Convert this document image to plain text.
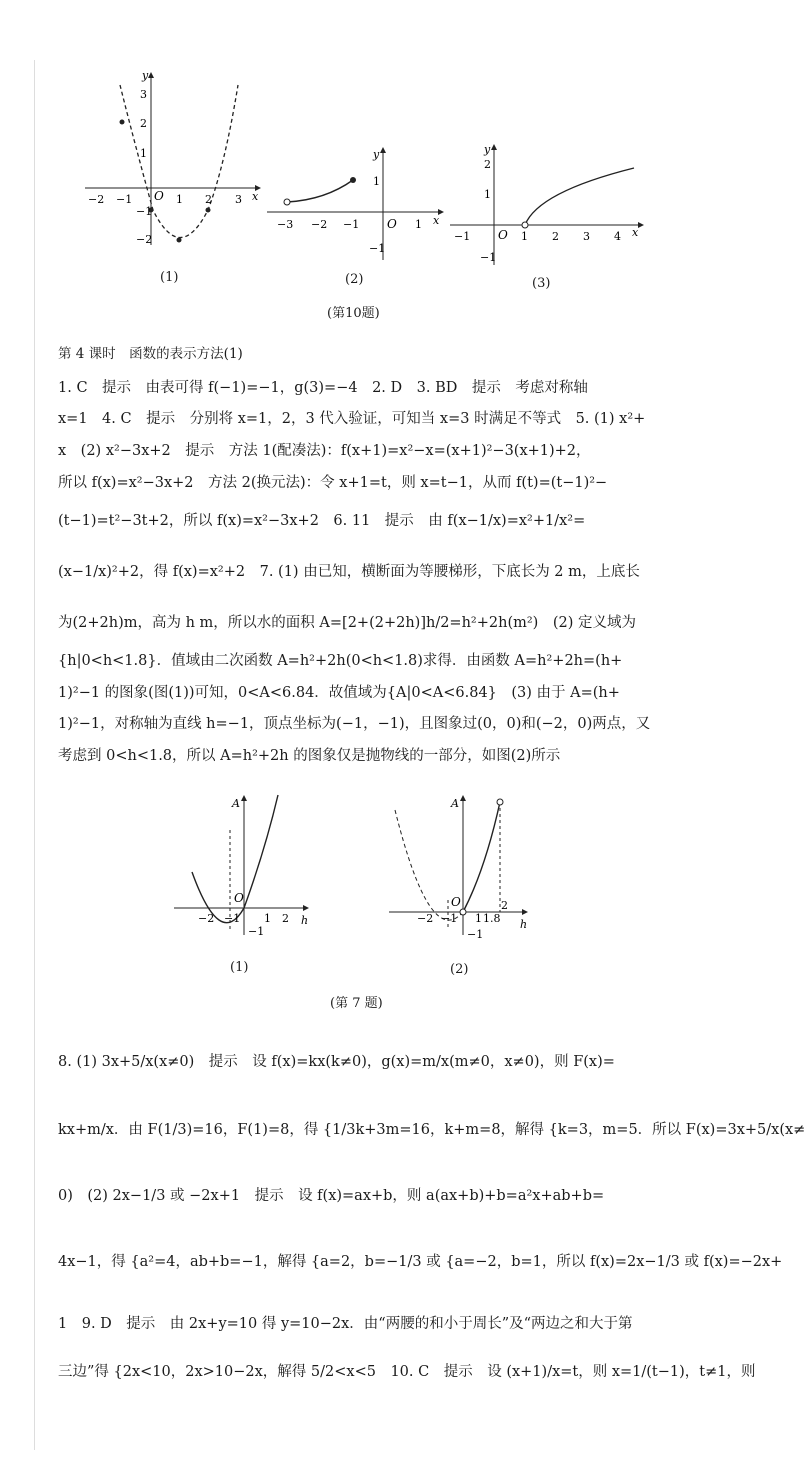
−2 −1	1 2 3 x
3
2
1
−1
−2
y
O
−3 −2 −1	1 x
1
−1
y
O
−1	1 2 3 4 x
2
1
−1
y
O
(1)	(2)	(3)
(第10题)
第 4 课时　函数的表示方法(1)
1. C　提示　由表可得 f(−1)=−1，g(3)=−4　2. D　3. BD　提示　考虑对称轴
x=1　4. C　提示　分别将 x=1，2，3 代入验证，可知当 x=3 时满足不等式　5. (1) x²+
x　(2) x²−3x+2　提示　方法 1(配凑法)：f(x+1)=x²−x=(x+1)²−3(x+1)+2，
所以 f(x)=x²−3x+2　方法 2(换元法)：令 x+1=t，则 x=t−1，从而 f(t)=(t−1)²−
(t−1)=t²−3t+2，所以 f(x)=x²−3x+2　6. 11　提示　由 f(x−1/x)=x²+1/x²=
(x−1/x)²+2，得 f(x)=x²+2　7. (1) 由已知，横断面为等腰梯形，下底长为 2 m，上底长
为(2+2h)m，高为 h m，所以水的面积 A=[2+(2+2h)]h/2=h²+2h(m²)　(2) 定义域为
{h|0<h<1.8}．值域由二次函数 A=h²+2h(0<h<1.8)求得．由函数 A=h²+2h=(h+
1)²−1 的图象(图(1))可知，0<A<6.84．故值域为{A|0<A<6.84}　(3) 由于 A=(h+
1)²−1，对称轴为直线 h=−1，顶点坐标为(−1，−1)，且图象过(0，0)和(−2，0)两点，又
考虑到 0<h<1.8，所以 A=h²+2h 的图象仅是抛物线的一部分，如图(2)所示
−2 −1 1 2 h
−1
A
O
−2 −1 1 1.8
2
h
−1
A
O
(1)	(2)
(第 7 题)
8. (1) 3x+5/x(x≠0)　提示　设 f(x)=kx(k≠0)，g(x)=m/x(m≠0，x≠0)，则 F(x)=
kx+m/x．由 F(1/3)=16，F(1)=8，得 {1/3k+3m=16，k+m=8，解得 {k=3，m=5．所以 F(x)=3x+5/x(x≠
0)　(2) 2x−1/3 或 −2x+1　提示　设 f(x)=ax+b，则 a(ax+b)+b=a²x+ab+b=
4x−1，得 {a²=4，ab+b=−1，解得 {a=2，b=−1/3 或 {a=−2，b=1，所以 f(x)=2x−1/3 或 f(x)=−2x+
1　9. D　提示　由 2x+y=10 得 y=10−2x．由“两腰的和小于周长”及“两边之和大于第
三边”得 {2x<10，2x>10−2x，解得 5/2<x<5　10. C　提示　设 (x+1)/x=t，则 x=1/(t−1)，t≠1，则
